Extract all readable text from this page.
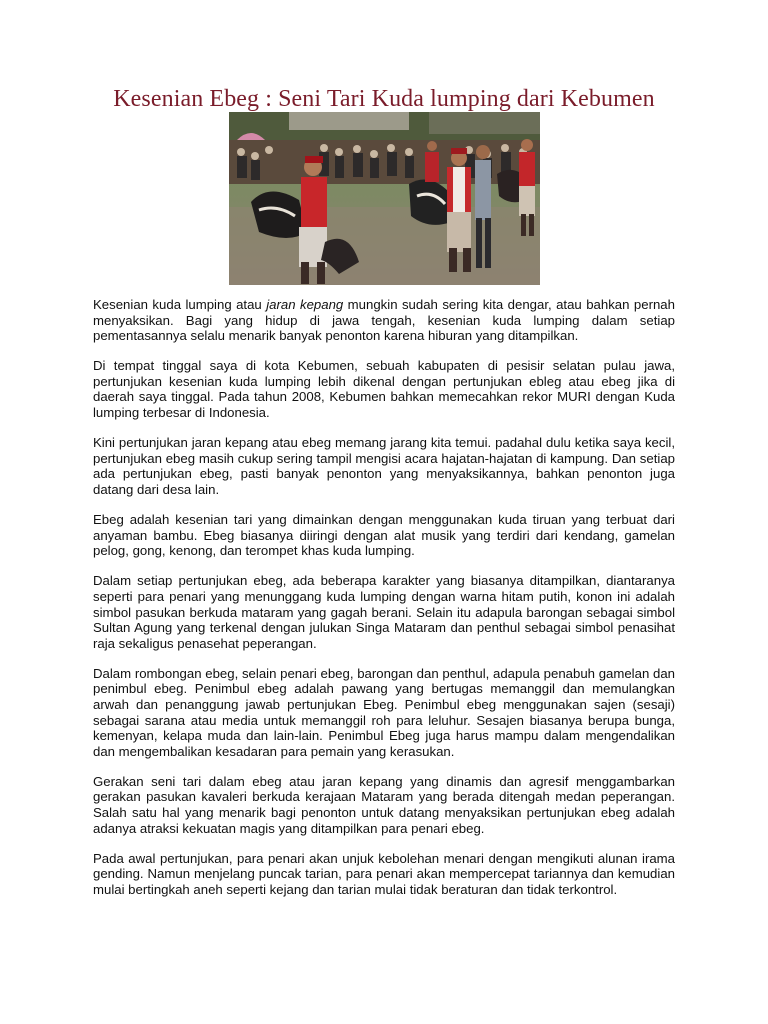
Kesenian Ebeg : Seni Tari Kuda lumping dari Kebumen

Kesenian kuda lumping atau jaran kepang mungkin sudah sering kita dengar, atau bahkan pernah menyaksikan. Bagi yang hidup di jawa tengah, kesenian kuda lumping dalam setiap pementasannya selalu menarik banyak penonton karena hiburan yang ditampilkan.

Di tempat tinggal saya di kota Kebumen, sebuah kabupaten di pesisir selatan pulau jawa, pertunjukan kesenian kuda lumping lebih dikenal dengan pertunjukan ebleg atau ebeg jika di daerah saya tinggal. Pada tahun 2008, Kebumen bahkan memecahkan rekor MURI dengan Kuda lumping terbesar di Indonesia.

Kini pertunjukan jaran kepang atau ebeg memang jarang kita temui. padahal dulu ketika saya kecil, pertunjukan ebeg masih cukup sering tampil mengisi acara hajatan-hajatan di kampung. Dan setiap ada pertunjukan ebeg, pasti banyak penonton yang menyaksikannya, bahkan penonton juga datang dari desa lain.

Ebeg adalah kesenian tari yang dimainkan dengan menggunakan kuda tiruan yang terbuat dari anyaman bambu. Ebeg biasanya diiringi dengan alat musik yang terdiri dari kendang, gamelan pelog, gong, kenong, dan terompet khas kuda lumping.

Dalam setiap pertunjukan ebeg, ada beberapa karakter yang biasanya ditampilkan, diantaranya seperti para penari yang menunggang kuda lumping dengan warna hitam putih, konon ini adalah simbol pasukan berkuda mataram yang gagah berani. Selain itu adapula barongan sebagai simbol Sultan Agung yang terkenal dengan julukan Singa Mataram dan penthul sebagai simbol penasihat raja sekaligus penasehat peperangan.

Dalam rombongan ebeg, selain penari ebeg, barongan dan penthul, adapula penabuh gamelan dan penimbul ebeg. Penimbul ebeg adalah pawang yang bertugas memanggil dan memulangkan arwah dan penanggung jawab pertunjukan Ebeg. Penimbul ebeg menggunakan sajen (sesaji) sebagai sarana atau media untuk memanggil roh para leluhur. Sesajen biasanya berupa bunga, kemenyan, kelapa muda dan lain-lain. Penimbul Ebeg juga harus mampu dalam mengendalikan dan mengembalikan kesadaran para pemain yang kerasukan.

Gerakan seni tari dalam ebeg atau jaran kepang yang dinamis dan agresif menggambarkan gerakan pasukan kavaleri berkuda kerajaan Mataram yang berada ditengah medan peperangan. Salah satu hal yang menarik bagi penonton untuk datang menyaksikan pertunjukan ebeg adalah adanya atraksi kekuatan magis yang ditampilkan para penari ebeg.

Pada awal pertunjukan, para penari akan unjuk kebolehan menari dengan mengikuti alunan irama gending. Namun menjelang puncak tarian, para penari akan mempercepat tariannya dan kemudian mulai bertingkah aneh seperti kejang dan tarian mulai tidak beraturan dan tidak terkontrol.
